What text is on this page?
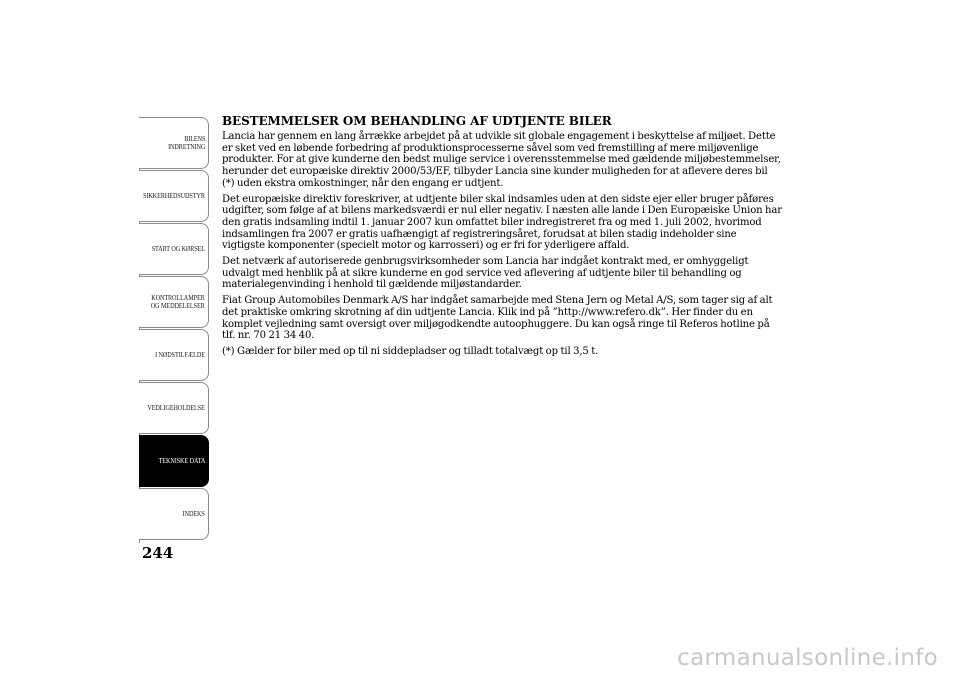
BILENS
INDRETNING
SIKKERHEDSUDSTYR
START OG KØRSEL
KONTROLLAMPER
OG MEDDELELSER
I NØDSTILFÆLDE
VEDLIGEHOLDELSE
TEKNISKE DATA
INDEKS
244
BESTEMMELSER OM BEHANDLING AF UDTJENTE BILER

Lancia har gennem en lang årrække arbejdet på at udvikle sit globale engagement i beskyttelse af miljøet. Dette er sket ved en løbende forbedring af produktionsprocesserne såvel som ved fremstilling af mere miljøvenlige produkter. For at give kunderne den bedst mulige service i overensstemmelse med gældende miljøbestemmelser, herunder det europæiske direktiv 2000/53/EF, tilbyder Lancia sine kunder muligheden for at aflevere deres bil (*) uden ekstra omkostninger, når den engang er udtjent.

Det europæiske direktiv foreskriver, at udtjente biler skal indsamles uden at den sidste ejer eller bruger påføres udgifter, som følge af at bilens markedsværdi er nul eller negativ. I næsten alle lande i Den Europæiske Union har den gratis indsamling indtil 1. januar 2007 kun omfattet biler indregistreret fra og med 1. juli 2002, hvorimod indsamlingen fra 2007 er gratis uafhængigt af registreringsåret, forudsat at bilen stadig indeholder sine vigtigste komponenter (specielt motor og karrosseri) og er fri for yderligere affald.

Det netværk af autoriserede genbrugsvirksomheder som Lancia har indgået kontrakt med, er omhyggeligt udvalgt med henblik på at sikre kunderne en god service ved aflevering af udtjente biler til behandling og materialegenvinding i henhold til gældende miljøstandarder.

Fiat Group Automobiles Denmark A/S har indgået samarbejde med Stena Jern og Metal A/S, som tager sig af alt det praktiske omkring skrotning af din udtjente Lancia. Klik ind på ”http://www.refero.dk”. Her finder du en komplet vejledning samt oversigt over miljøgodkendte autoophuggere. Du kan også ringe til Referos hotline på tlf. nr. 70 21 34 40.

(*) Gælder for biler med op til ni siddepladser og tilladt totalvægt op til 3,5 t.

carmanualsonline.info
